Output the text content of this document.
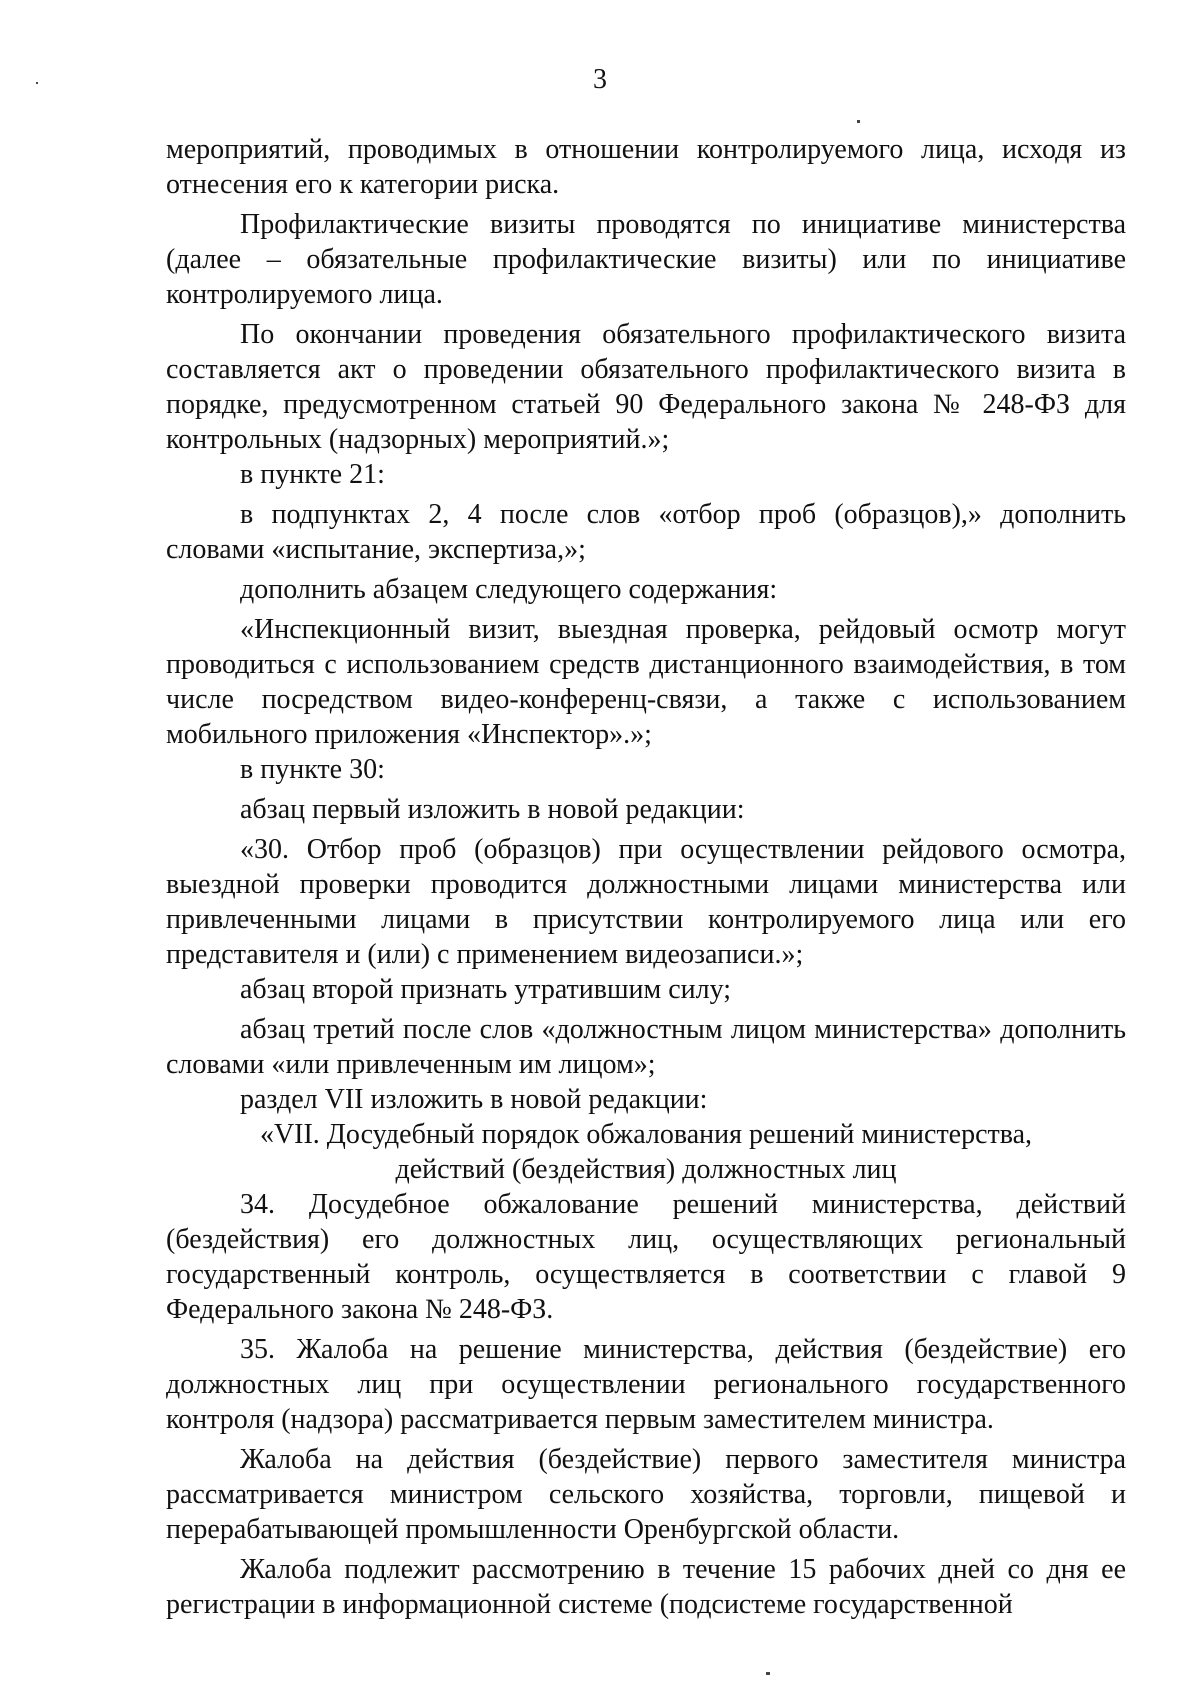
3

мероприятий, проводимых в отношении контролируемого лица, исходя из отнесения его к категории риска.

Профилактические визиты проводятся по инициативе министерства (далее – обязательные профилактические визиты) или по инициативе контролируемого лица.

По окончании проведения обязательного профилактического визита составляется акт о проведении обязательного профилактического визита в порядке, предусмотренном статьей 90 Федерального закона № 248-ФЗ для контрольных (надзорных) мероприятий.»;

в пункте 21:

в подпунктах 2, 4 после слов «отбор проб (образцов),» дополнить словами «испытание, экспертиза,»;

дополнить абзацем следующего содержания:

«Инспекционный визит, выездная проверка, рейдовый осмотр могут проводиться с использованием средств дистанционного взаимодействия, в том числе посредством видео-конференц-связи, а также с использованием мобильного приложения «Инспектор».»;

в пункте 30:

абзац первый изложить в новой редакции:

«30. Отбор проб (образцов) при осуществлении рейдового осмотра, выездной проверки проводится должностными лицами министерства или привлеченными лицами в присутствии контролируемого лица или его представителя и (или) с применением видеозаписи.»;

абзац второй признать утратившим силу;

абзац третий после слов «должностным лицом министерства» дополнить словами «или привлеченным им лицом»;

раздел VII изложить в новой редакции:

«VII. Досудебный порядок обжалования решений министерства,

действий (бездействия) должностных лиц

34. Досудебное обжалование решений министерства, действий (бездействия) его должностных лиц, осуществляющих региональный государственный контроль, осуществляется в соответствии с главой 9 Федерального закона № 248-ФЗ.

35. Жалоба на решение министерства, действия (бездействие) его должностных лиц при осуществлении регионального государственного контроля (надзора) рассматривается первым заместителем министра.

Жалоба на действия (бездействие) первого заместителя министра рассматривается министром сельского хозяйства, торговли, пищевой и перерабатывающей промышленности Оренбургской области.

Жалоба подлежит рассмотрению в течение 15 рабочих дней со дня ее регистрации в информационной системе (подсистеме государственной
